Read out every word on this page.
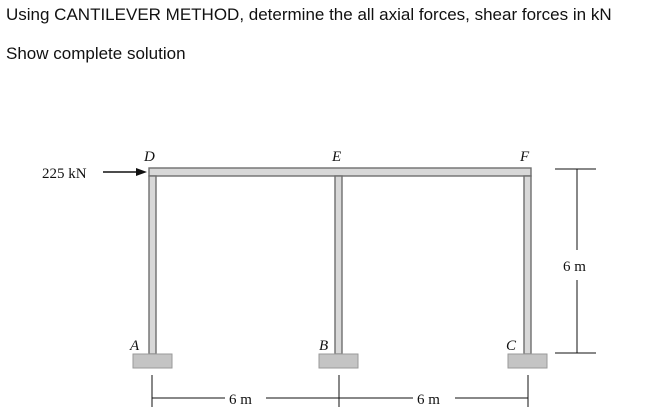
Using CANTILEVER METHOD, determine the all axial forces, shear forces in kN
Show complete solution
225 kN
D	E	F
A	B	C
6 m	6 m
6 m
